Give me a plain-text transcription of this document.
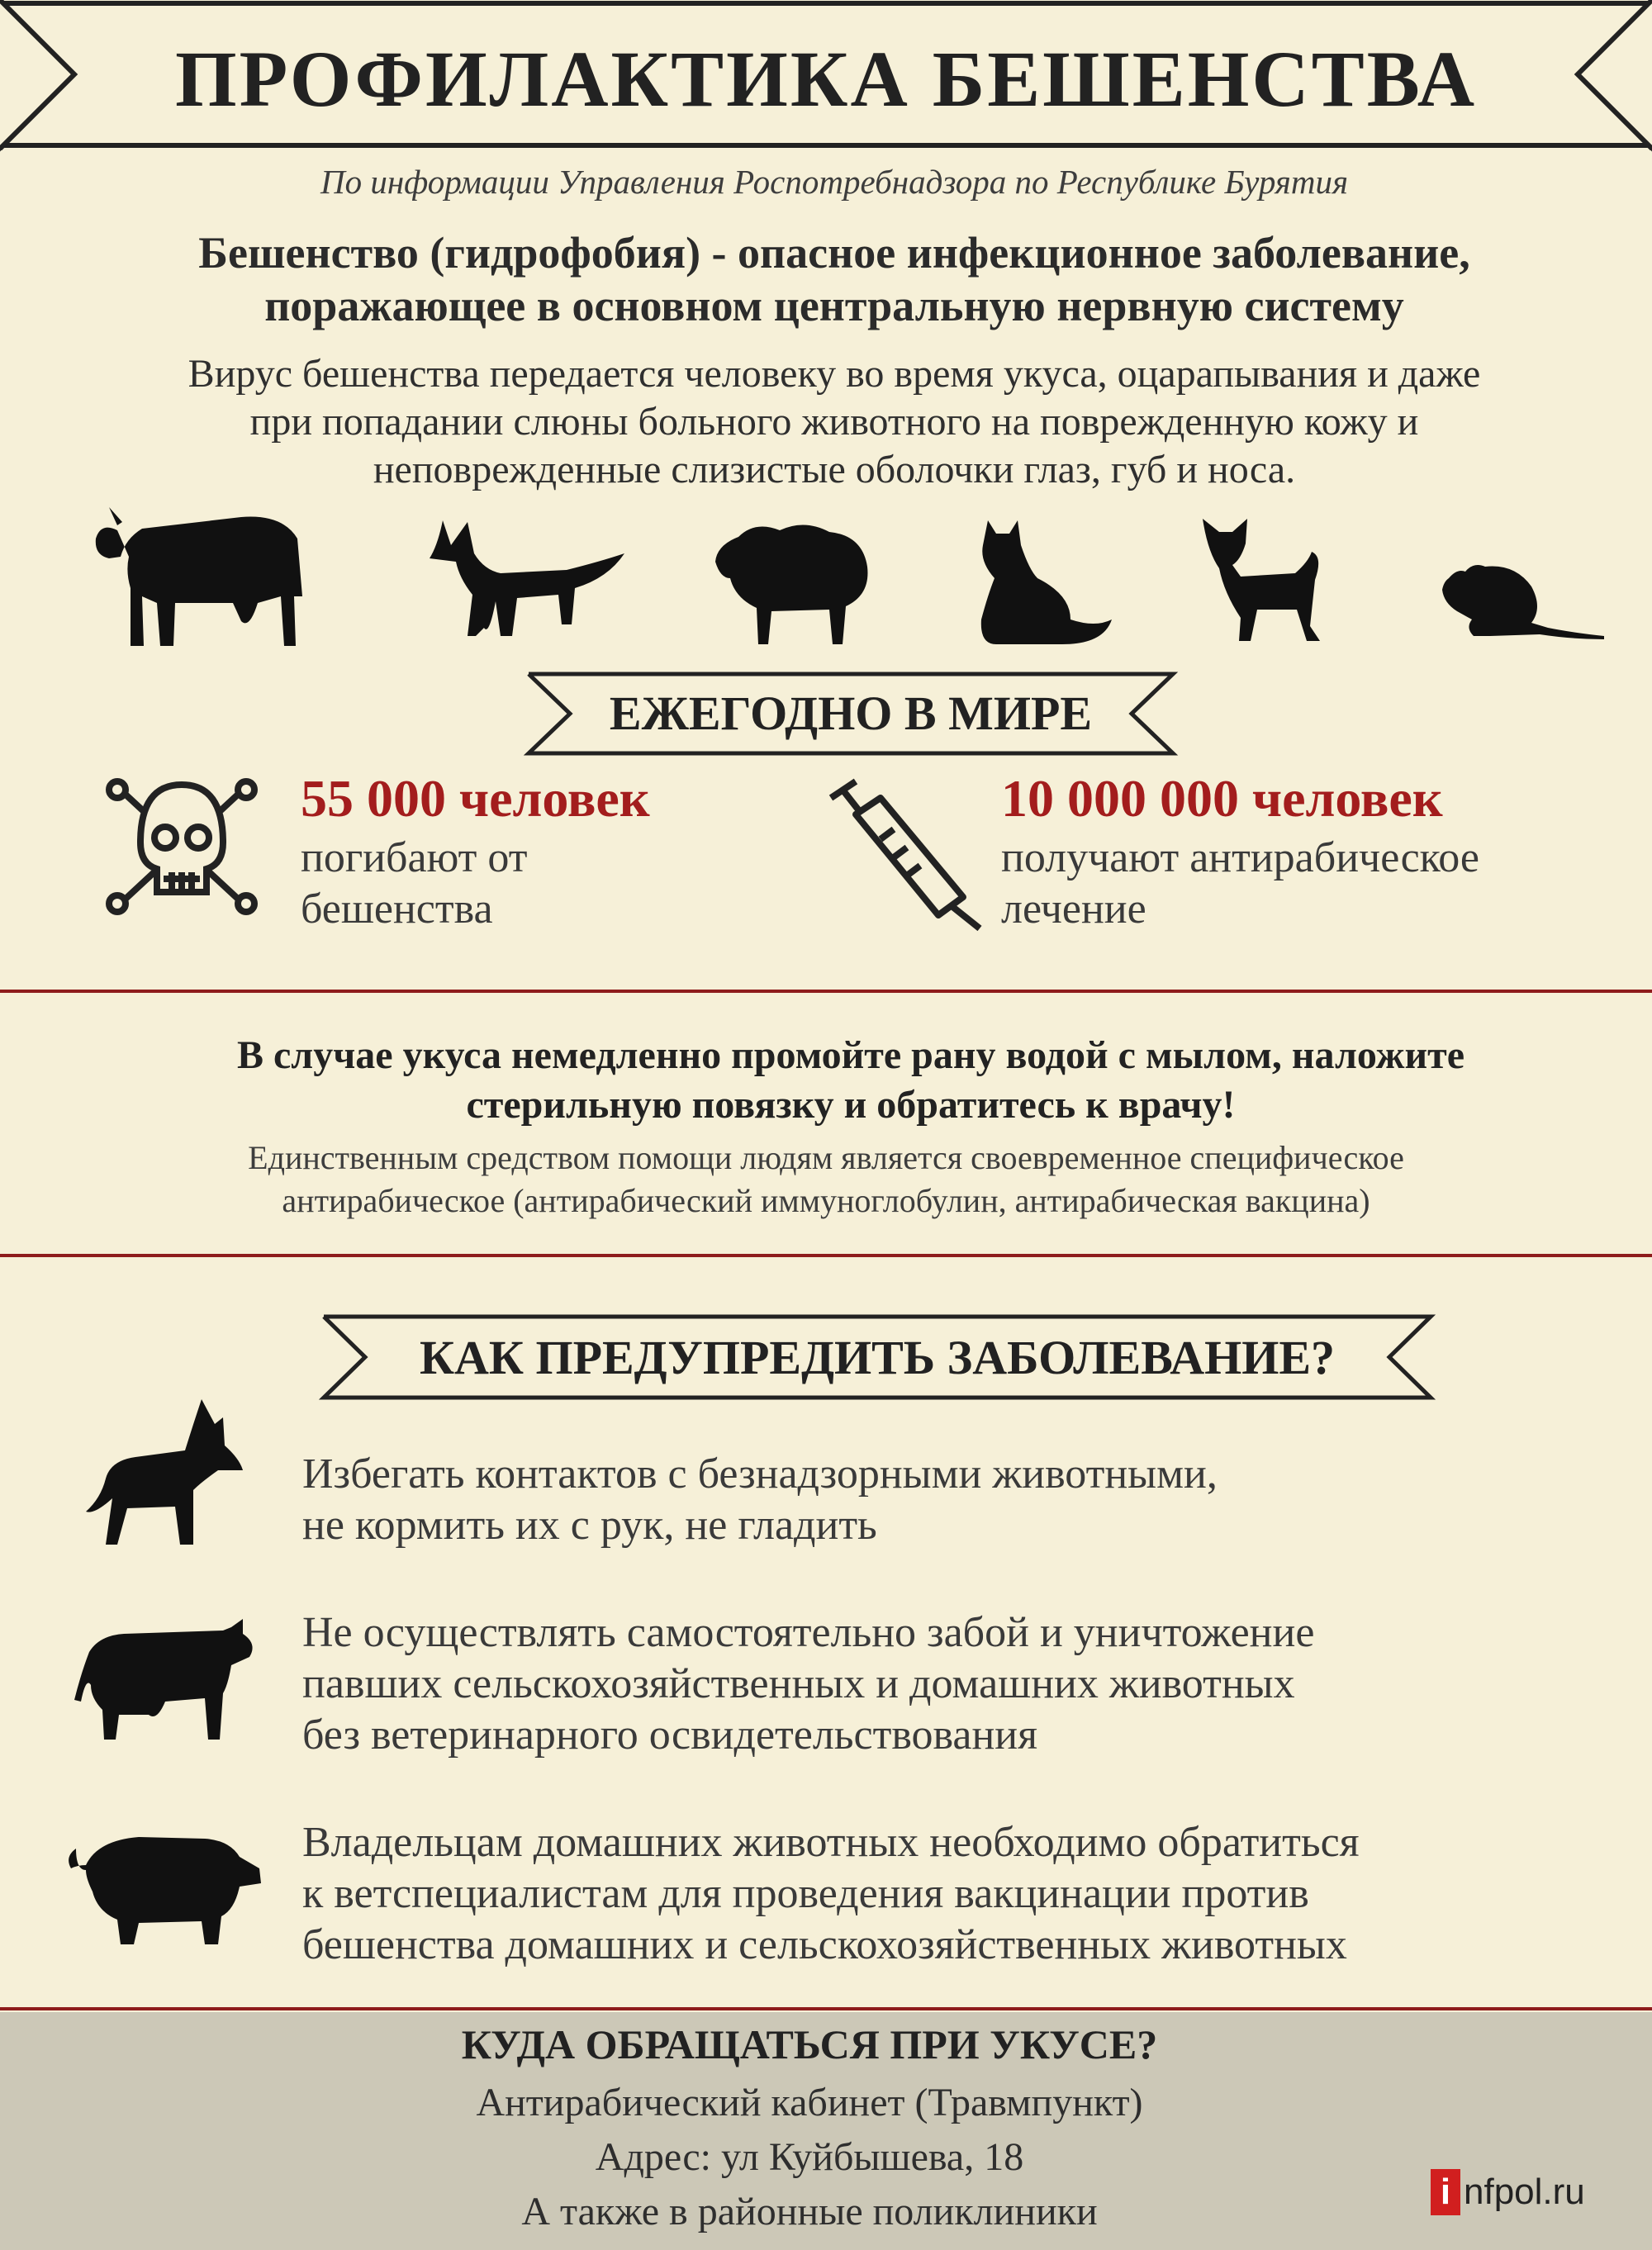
ПРОФИЛАКТИКА БЕШЕНСТВА
По информации Управления Роспотребнадзора по Республике Бурятия
Бешенство (гидрофобия) - опасное инфекционное заболевание,
поражающее в основном центральную нервную систему
Вирус бешенства передается человеку во время укуса, оцарапывания и даже
при попадании слюны больного животного на поврежденную кожу и
неповрежденные слизистые оболочки глаз, губ и носа.
ЕЖЕГОДНО В МИРЕ
55 000 человек
погибают от
бешенства
10 000 000 человек
получают антирабическое
лечение
В случае укуса немедленно промойте рану водой с мылом, наложите
стерильную повязку и обратитесь к врачу!
Единственным средством помощи людям является своевременное специфическое
антирабическое (антирабический иммуноглобулин, антирабическая вакцина)
КАК ПРЕДУПРЕДИТЬ ЗАБОЛЕВАНИЕ?
Избегать контактов с безнадзорными животными,
не кормить их с рук, не гладить
Не осуществлять самостоятельно забой и уничтожение
павших сельскохозяйственных и домашних животных
без ветеринарного освидетельствования
Владельцам домашних животных необходимо обратиться
к ветспециалистам для проведения вакцинации против
бешенства домашних и сельскохозяйственных животных
КУДА ОБРАЩАТЬСЯ ПРИ УКУСЕ?
Антирабический кабинет (Травмпункт)
Адрес: ул Куйбышева, 18
А также в районные поликлиники	i nfpol.ru
